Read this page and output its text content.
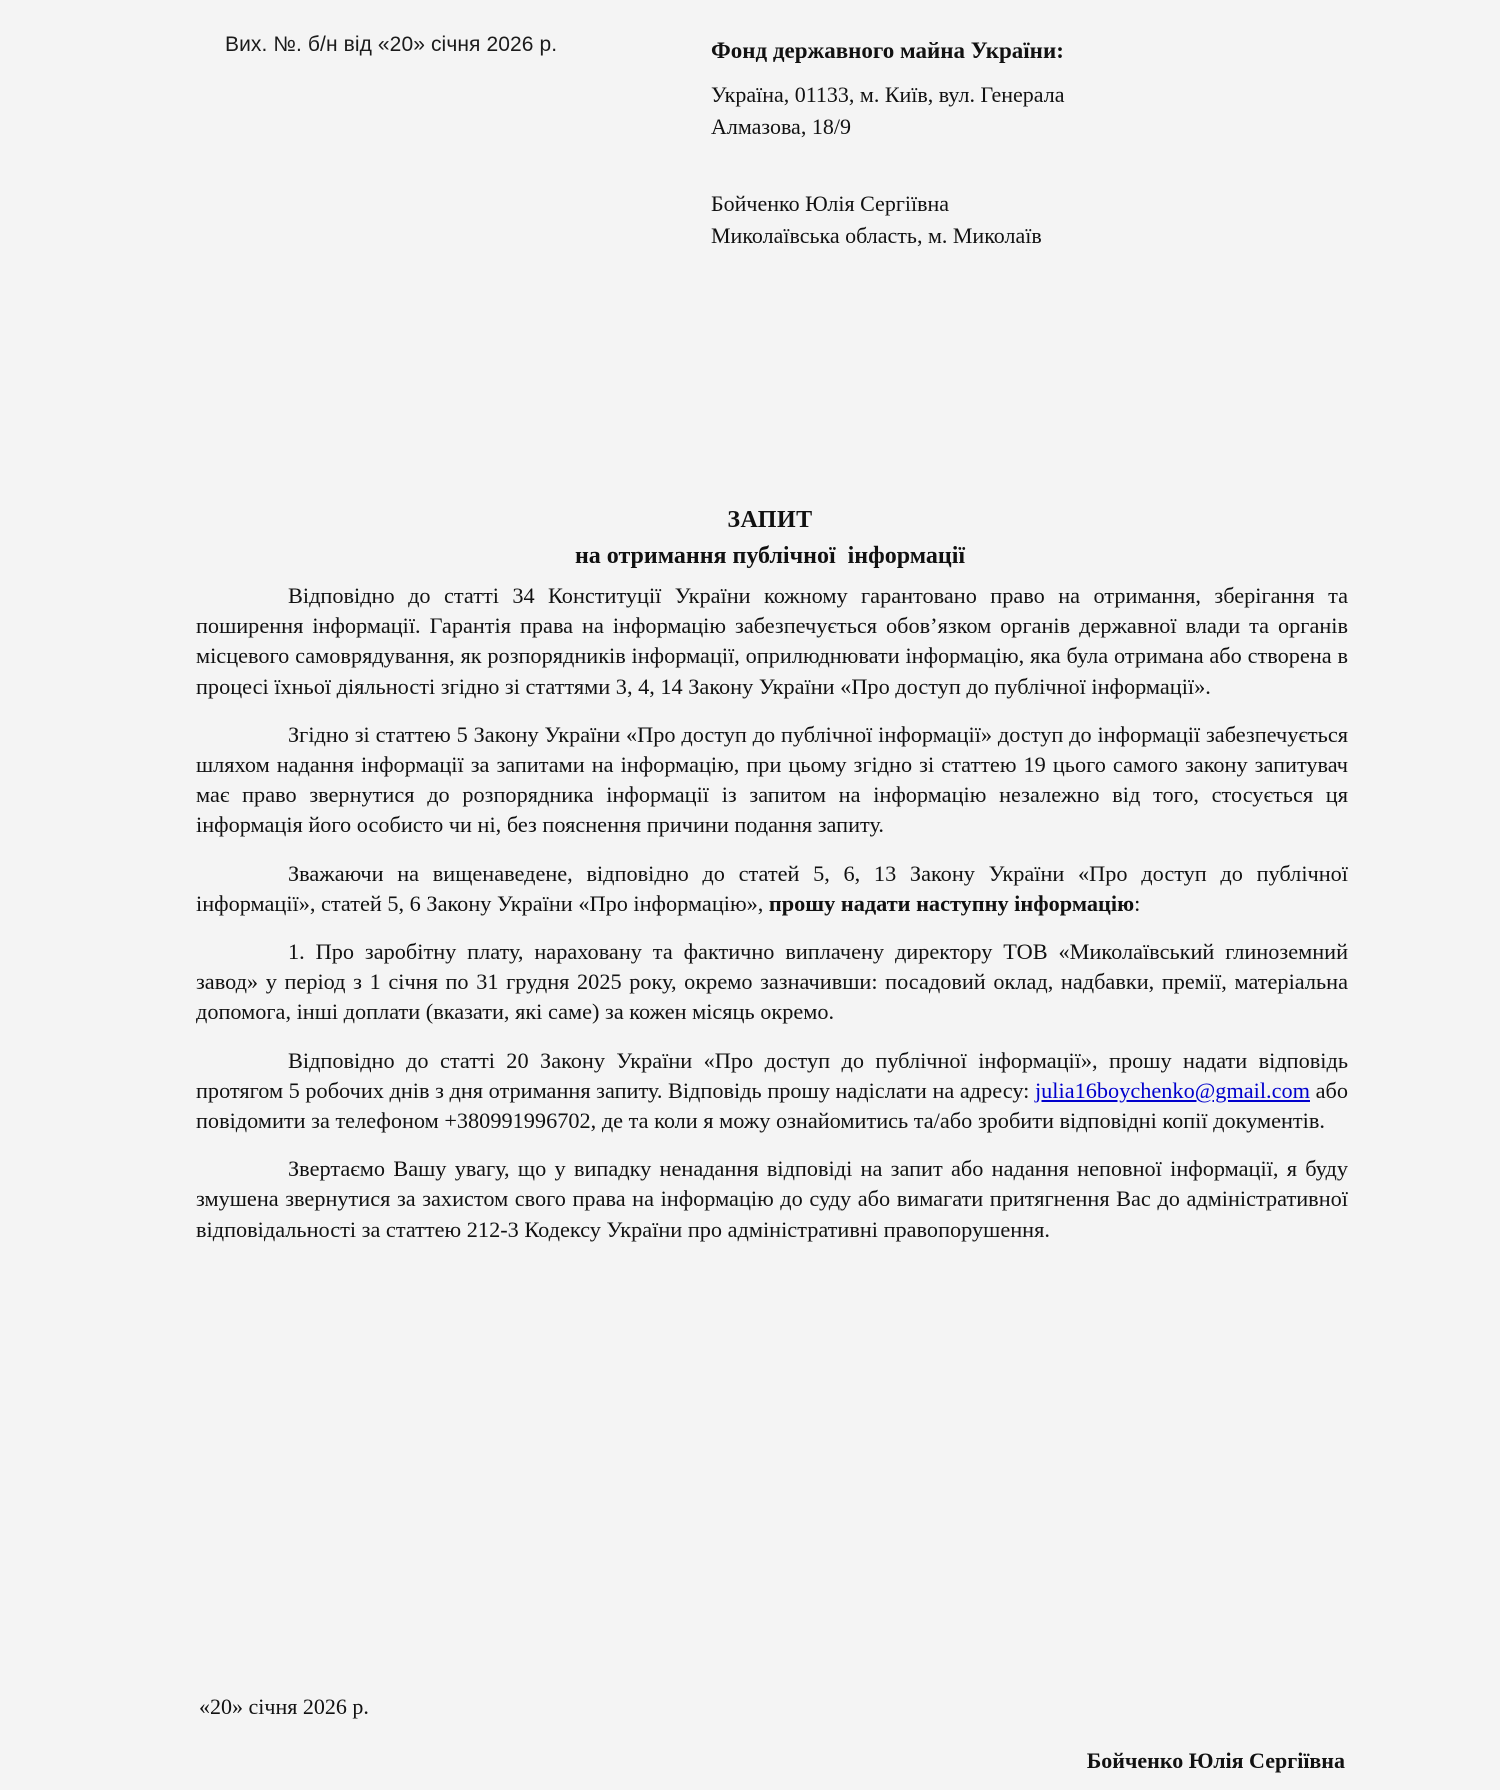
Вих. №. б/н від «20» січня 2026 р.	Фонд державного майна України:

Україна, 01133, м. Київ, вул. Генерала Алмазова, 18/9

Бойченко Юлія Сергіївна

Миколаївська область, м. Миколаїв

ЗАПИТ
на отримання публічної  інформації

Відповідно до статті 34 Конституції України кожному гарантовано право на отримання, зберігання та поширення інформації. Гарантія права на інформацію забезпечується обов’язком органів державної влади та органів місцевого самоврядування, як розпорядників інформації, оприлюднювати інформацію, яка була отримана або створена в процесі їхньої діяльності згідно зі статтями 3, 4, 14 Закону України «Про доступ до публічної інформації».

Згідно зі статтею 5 Закону України «Про доступ до публічної інформації» доступ до інформації забезпечується шляхом надання інформації за запитами на інформацію, при цьому згідно зі статтею 19 цього самого закону запитувач має право звернутися до розпорядника інформації із запитом на інформацію незалежно від того, стосується ця інформація його особисто чи ні, без пояснення причини подання запиту.

Зважаючи на вищенаведене, відповідно до статей 5, 6, 13 Закону України «Про доступ до публічної інформації», статей 5, 6 Закону України «Про інформацію», прошу надати наступну інформацію:

1. Про заробітну плату, нараховану та фактично виплачену директору ТОВ «Миколаївський глиноземний завод» у період з 1 січня по 31 грудня 2025 року, окремо зазначивши: посадовий оклад, надбавки, премії, матеріальна допомога, інші доплати (вказати, які саме) за кожен місяць окремо.

Відповідно до статті 20 Закону України «Про доступ до публічної інформації», прошу надати відповідь протягом 5 робочих днів з дня отримання запиту. Відповідь прошу надіслати на адресу: julia16boychenko@gmail.com або повідомити за телефоном +380991996702, де та коли я можу ознайомитись та/або зробити відповідні копії документів.

Звертаємо Вашу увагу, що у випадку ненадання відповіді на запит або надання неповної інформації, я буду змушена звернутися за захистом свого права на інформацію до суду або вимагати притягнення Вас до адміністративної відповідальності за статтею 212-3 Кодексу України про адміністративні правопорушення.

«20» січня 2026 р.
Бойченко Юлія Сергіївна
